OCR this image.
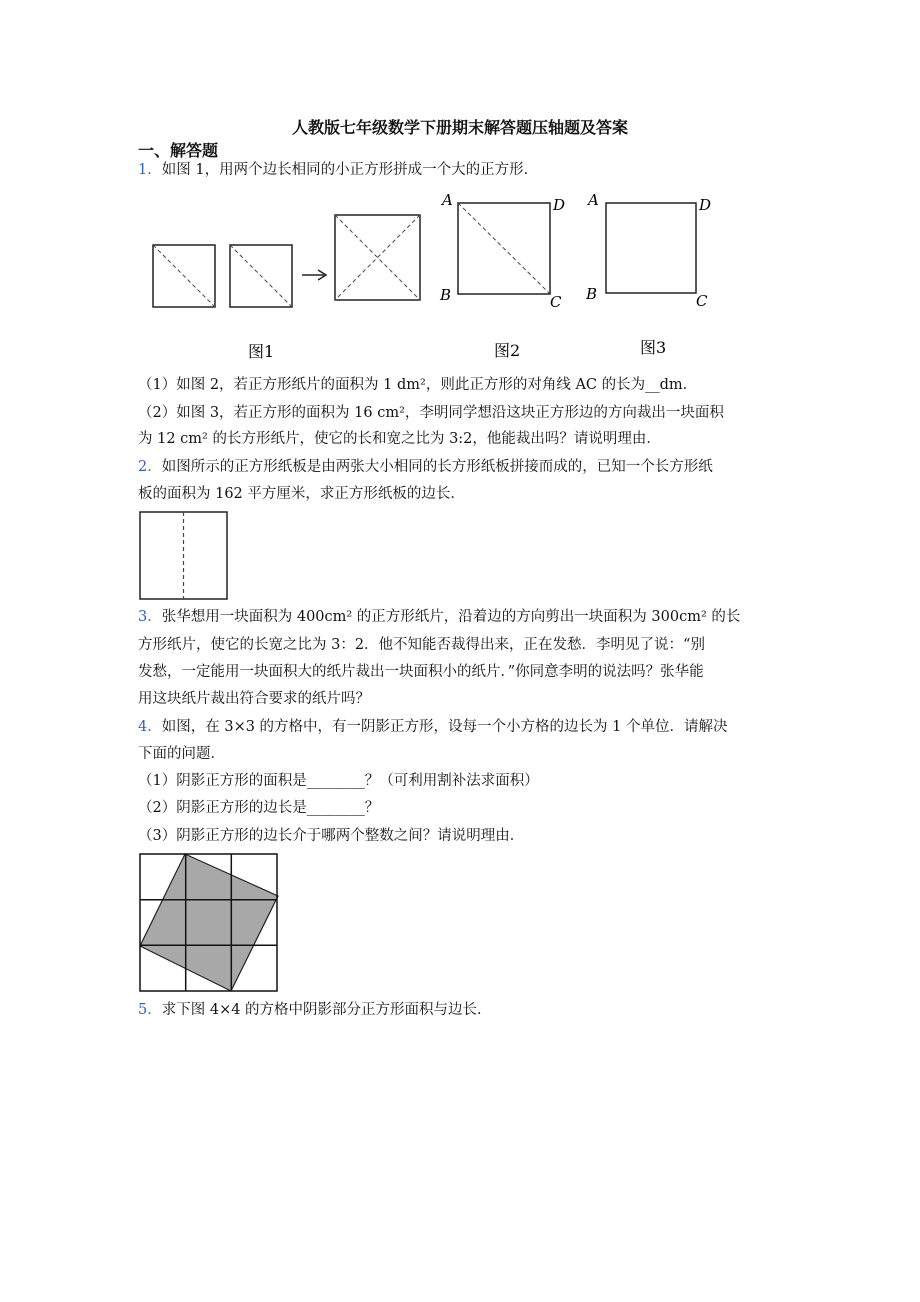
人教版七年级数学下册期末解答题压轴题及答案
一、解答题
1．如图 1，用两个边长相同的小正方形拼成一个大的正方形．
图1
A	D
B	C
图2
A	D
B	C
图3
（1）如图 2，若正方形纸片的面积为 1 dm²，则此正方形的对角线 AC 的长为__dm．
（2）如图 3，若正方形的面积为 16 cm²，李明同学想沿这块正方形边的方向裁出一块面积
为 12 cm² 的长方形纸片，使它的长和宽之比为 3:2，他能裁出吗？请说明理由．
2．如图所示的正方形纸板是由两张大小相同的长方形纸板拼接而成的，已知一个长方形纸
板的面积为 162 平方厘米，求正方形纸板的边长．
3．张华想用一块面积为 400cm² 的正方形纸片，沿着边的方向剪出一块面积为 300cm² 的长
方形纸片，使它的长宽之比为 3：2．他不知能否裁得出来，正在发愁．李明见了说：“别
发愁，一定能用一块面积大的纸片裁出一块面积小的纸片．”你同意李明的说法吗？张华能
用这块纸片裁出符合要求的纸片吗？
4．如图，在 3×3 的方格中，有一阴影正方形，设每一个小方格的边长为 1 个单位．请解决
下面的问题．
（1）阴影正方形的面积是________？（可利用割补法求面积）
（2）阴影正方形的边长是________？
（3）阴影正方形的边长介于哪两个整数之间？请说明理由．
5．求下图 4×4 的方格中阴影部分正方形面积与边长．
